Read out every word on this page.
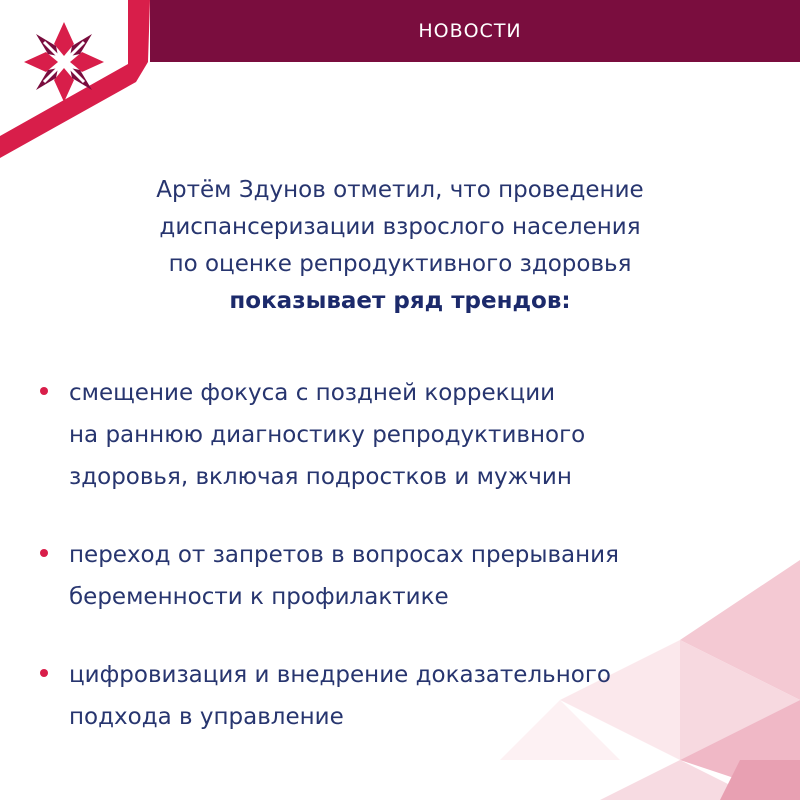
НОВОСТИ
Артём Здунов отметил, что проведение
диспансеризации взрослого населения
по оценке репродуктивного здоровья
показывает ряд трендов:
смещение фокуса с поздней коррекции
на раннюю диагностику репродуктивного
здоровья, включая подростков и мужчин
переход от запретов в вопросах прерывания
беременности к профилактике
цифровизация и внедрение доказательного
подхода в управление
